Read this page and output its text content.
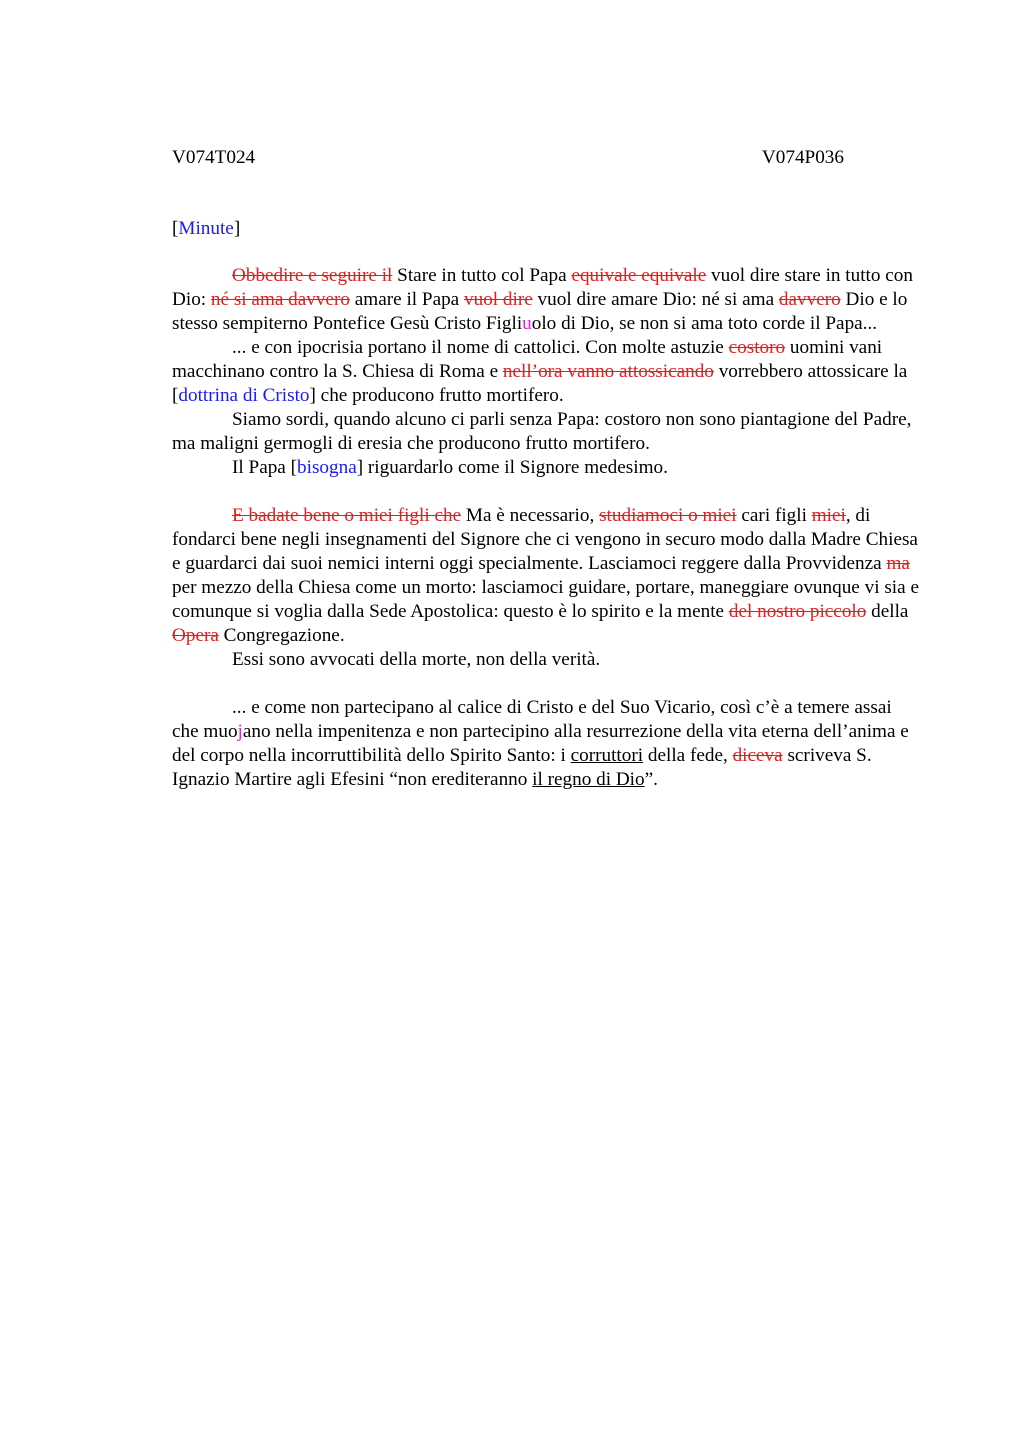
V074T024	V074P036
[Minute]

Obbedire e seguire il Stare in tutto col Papa equivale equivale vuol dire stare in tutto con Dio: né si ama davvero amare il Papa vuol dire vuol dire amare Dio: né si ama davvero Dio e lo stesso sempiterno Pontefice Gesù Cristo Figliuolo di Dio, se non si ama toto corde il Papa...

... e con ipocrisia portano il nome di cattolici. Con molte astuzie costoro uomini vani macchinano contro la S. Chiesa di Roma e nell’ora vanno attossicando vorrebbero attossicare la [dottrina di Cristo] che producono frutto mortifero.

Siamo sordi, quando alcuno ci parli senza Papa: costoro non sono piantagione del Padre, ma maligni germogli di eresia che producono frutto mortifero.

Il Papa [bisogna] riguardarlo come il Signore medesimo.

E badate bene o miei figli che Ma è necessario, studiamoci o miei cari figli miei, di fondarci bene negli insegnamenti del Signore che ci vengono in securo modo dalla Madre Chiesa e guardarci dai suoi nemici interni oggi specialmente. Lasciamoci reggere dalla Provvidenza ma per mezzo della Chiesa come un morto: lasciamoci guidare, portare, maneggiare ovunque vi sia e comunque si voglia dalla Sede Apostolica: questo è lo spirito e la mente del nostro piccolo della Opera Congregazione.

Essi sono avvocati della morte, non della verità.

... e come non partecipano al calice di Cristo e del Suo Vicario, così c’è a temere assai che muojano nella impenitenza e non partecipino alla resurrezione della vita eterna dell’anima e del corpo nella incorruttibilità dello Spirito Santo: i corruttori della fede, diceva scriveva S. Ignazio Martire agli Efesini “non erediteranno il regno di Dio”.
